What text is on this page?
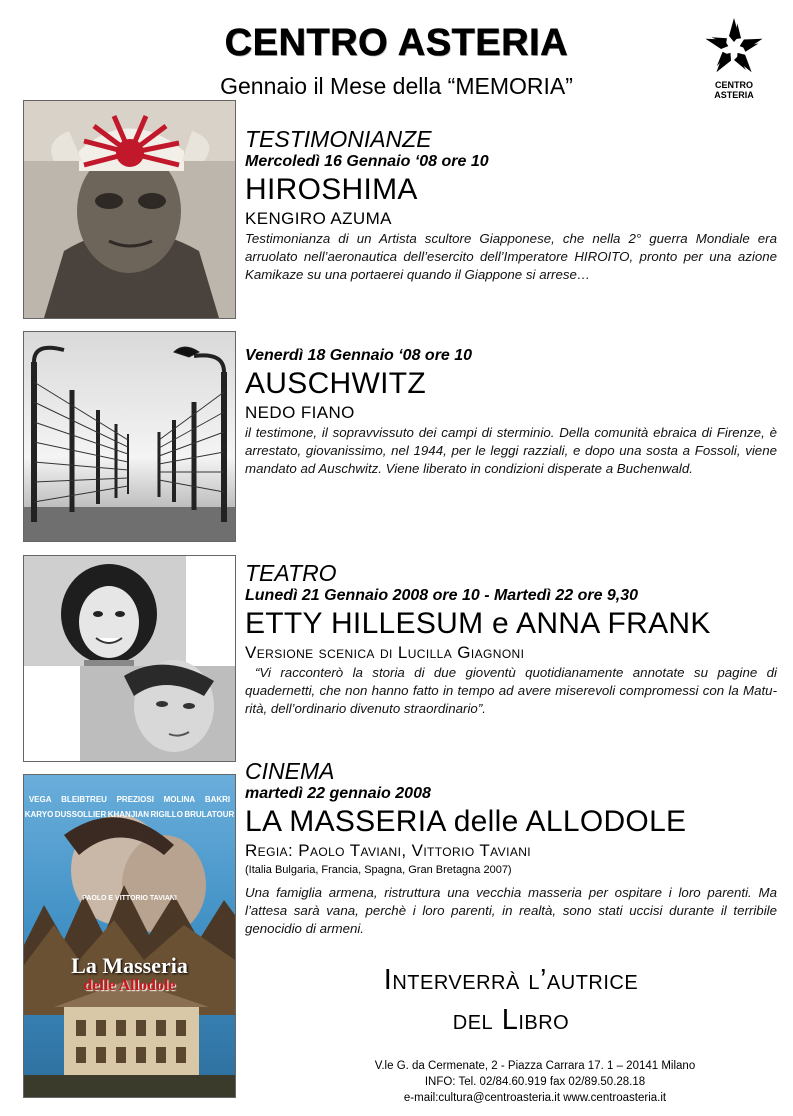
CENTRO ASTERIA
Gennaio il Mese della “MEMORIA”	CENTRO
ASTERIA
TESTIMONIANZE
Mercoledì 16 Gennaio ‘08 ore 10
HIROSHIMA
KENGIRO AZUMA
Testimonianza di un Artista scultore Giapponese, che nella 2° guerra Mondiale era arruolato nell’aeronautica dell’esercito dell’Imperatore HIROITO, pronto per una azione Kamikaze su una portaerei quando il Giappone si arrese…
Venerdì 18 Gennaio ‘08 ore 10
AUSCHWITZ
NEDO FIANO
il testimone, il sopravvissuto dei campi di sterminio. Della comunità ebraica di Firenze, è arrestato, giovanissimo, nel 1944, per le leggi razziali, e dopo una sosta a Fossoli, viene mandato ad Auschwitz. Viene liberato in condizioni disperate a Buchenwald.
TEATRO
Lunedì 21 Gennaio 2008 ore 10 - Martedì 22 ore 9,30
ETTY HILLESUM e ANNA FRANK
Versione scenica di Lucilla Giagnoni
“Vi racconterò la storia di due gioventù quotidianamente annotate su pagine di quadernetti, che non hanno fatto in tempo ad avere miserevoli compromessi con la Matu-rità, dell’ordinario divenuto straordinario”.
VEGA BLEIBTREU PREZIOSI MOLINA BAKRI
KARYO DUSSOLLIER KHANJIAN RIGILLO BRULATOUR
PAOLO E VITTORIO TAVIANI
La Masseria
delle Allodole
CINEMA
martedì 22 gennaio 2008
LA MASSERIA delle ALLODOLE
Regia: Paolo Taviani, Vittorio Taviani
(Italia Bulgaria, Francia, Spagna, Gran Bretagna 2007)
Una famiglia armena, ristruttura una vecchia masseria per ospitare i loro parenti. Ma l’attesa sarà vana, perchè i loro parenti, in realtà, sono stati uccisi durante il terribile genocidio di armeni.
Interverrà l’autrice
del Libro
V.le G. da Cermenate, 2 - Piazza Carrara 17. 1 – 20141 Milano
INFO: Tel. 02/84.60.919 fax 02/89.50.28.18
e-mail:cultura@centroasteria.it www.centroasteria.it
